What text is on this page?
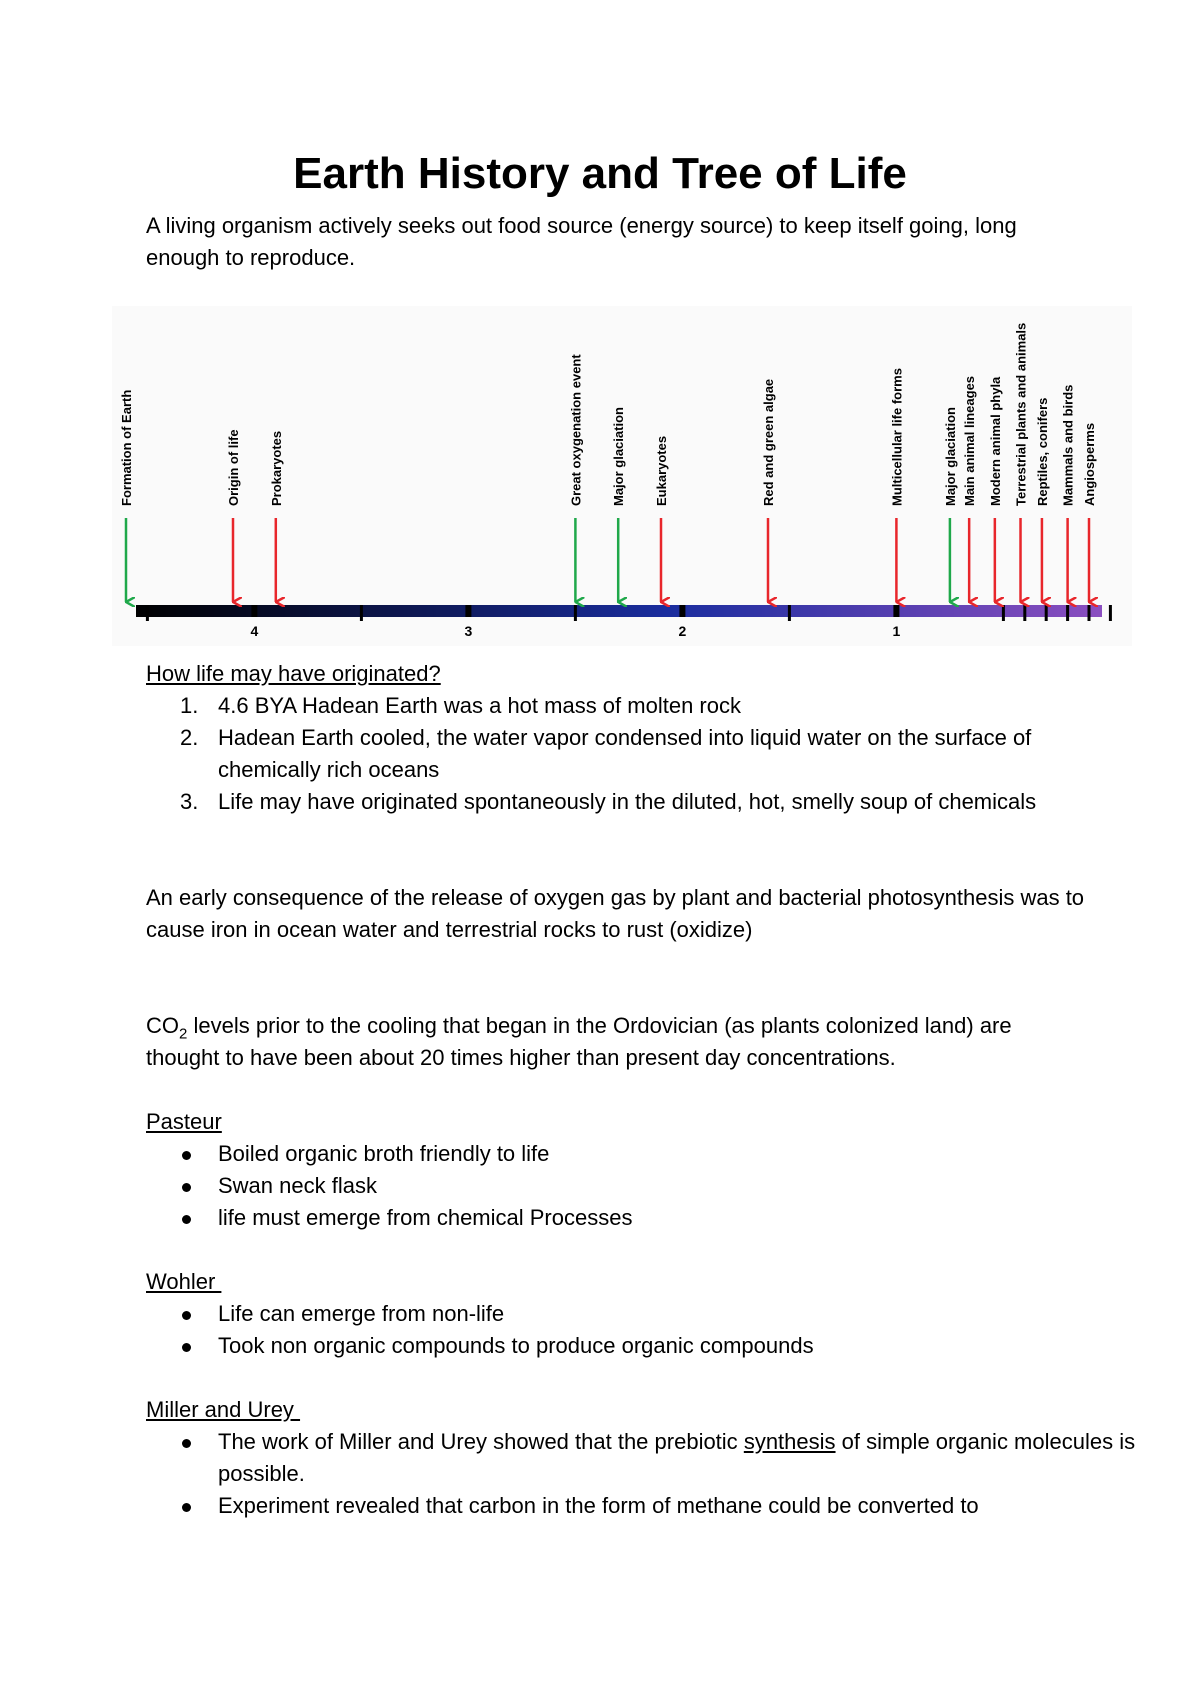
Earth History and Tree of Life

A living organism actively seeks out food source (energy source) to keep itself going, long enough to reproduce.

4	3	2	1
Formation of Earth	Origin of life Prokaryotes	Great oxygenation event Major glaciation Eukaryotes	Red and green algae	Multicellular life forms	Major glaciation Main animal lineages Modern animal phyla Terrestrial plants and animals Reptiles, conifers Mammals and birds Angiosperms

How life may have originated?

1. 4.6 BYA Hadean Earth was a hot mass of molten rock
2. Hadean Earth cooled, the water vapor condensed into liquid water on the surface of chemically rich oceans
3. Life may have originated spontaneously in the diluted, hot, smelly soup of chemicals

An early consequence of the release of oxygen gas by plant and bacterial photosynthesis was to cause iron in ocean water and terrestrial rocks to rust (oxidize)

$CO_2$ levels prior to the cooling that began in the Ordovician (as plants colonized land) are thought to have been about 20 times higher than present day concentrations.

Pasteur

Boiled organic broth friendly to life
Swan neck flask
life must emerge from chemical Processes

Wohler

Life can emerge from non-life
Took non organic compounds to produce organic compounds

Miller and Urey

The work of Miller and Urey showed that the prebiotic synthesis of simple organic molecules is possible.
Experiment revealed that carbon in the form of methane could be converted to
